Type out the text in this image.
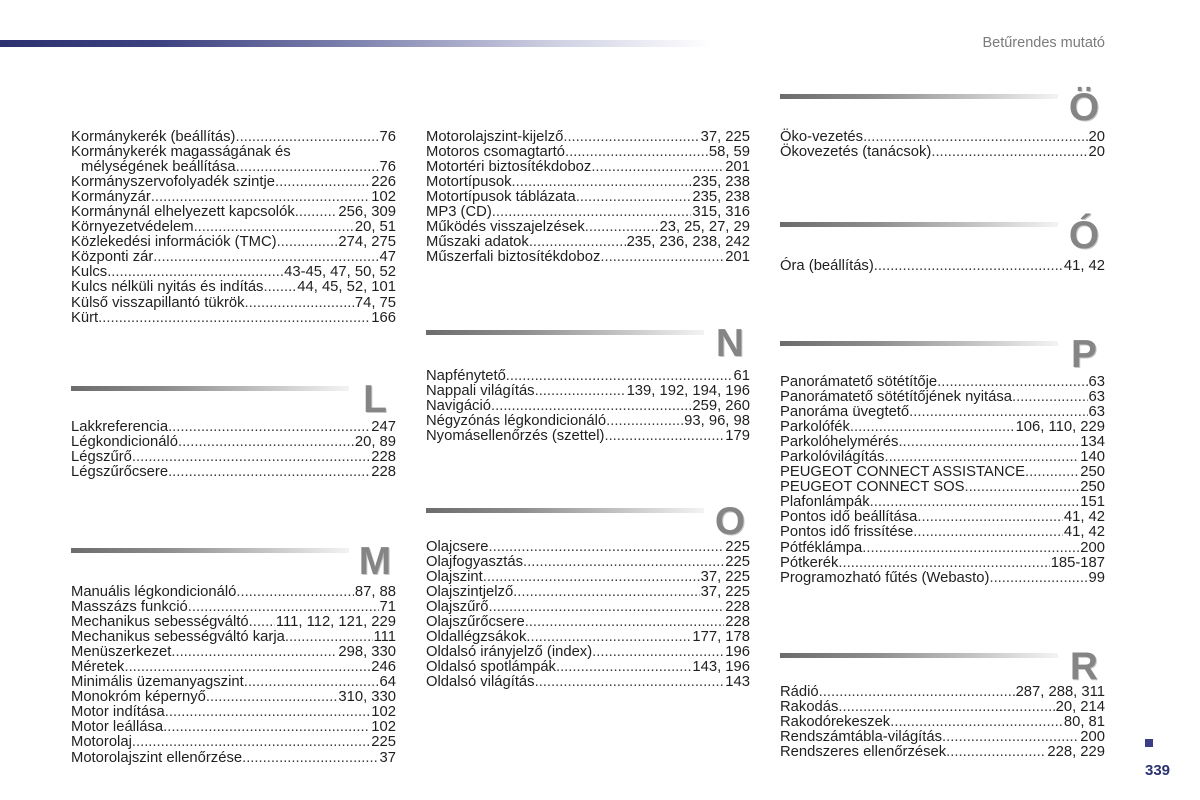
Betűrendes mutató
Kormánykerék (beállítás) .....	76
Kormánykerék magasságának és
mélységének beállítása .....	76
Kormányszervofolyadék szintje .....	226
Kormányzár .....	102
Kormánynál elhelyezett kapcsolók .....	256, 309
Környezetvédelem .....	20, 51
Közlekedési információk (TMC) .....	274, 275
Központi zár .....	47
Kulcs .....	43-45, 47, 50, 52
Kulcs nélküli nyitás és indítás ..... 44, 45, 52, 101
Külső visszapillantó tükrök .....	74, 75
Kürt .....	166
L
Lakkreferencia .....	247
Légkondicionáló .....	20, 89
Légszűrő .....	228
Légszűrőcsere .....	228
M
Manuális légkondicionáló .....	87, 88
Masszázs funkció .....	71
Mechanikus sebességváltó ..... 111, 112, 121, 229
Mechanikus sebességváltó karja .....	111
Menüszerkezet .....	298, 330
Méretek .....	246
Minimális üzemanyagszint .....	64
Monokróm képernyő .....	310, 330
Motor indítása .....	102
Motor leállása .....	102
Motorolaj .....	225
Motorolajszint ellenőrzése .....	37
Motorolajszint-kijelző .....	37, 225
Motoros csomagtartó .....	58, 59
Motortéri biztosítékdoboz .....	201
Motortípusok .....	235, 238
Motortípusok táblázata .....	235, 238
MP3 (CD) .....	315, 316
Működés visszajelzések .....	23, 25, 27, 29
Műszaki adatok .....	235, 236, 238, 242
Műszerfali biztosítékdoboz .....	201
N
Napfénytető .....	61
Nappali világítás .....	139, 192, 194, 196
Navigáció .....	259, 260
Négyzónás légkondicionáló .....	93, 96, 98
Nyomásellenőrzés (szettel) .....	179
O
Olajcsere .....	225
Olajfogyasztás .....	225
Olajszint .....	37, 225
Olajszintjelző .....	37, 225
Olajszűrő .....	228
Olajszűrőcsere .....	228
Oldallégzsákok .....	177, 178
Oldalsó irányjelző (index) .....	196
Oldalsó spotlámpák .....	143, 196
Oldalsó világítás .....	143
Ö
Öko-vezetés .....	20
Ökovezetés (tanácsok) .....	20
Ó
Óra (beállítás) .....	41, 42
P
Panorámatető sötétítője .....	63
Panorámatető sötétítőjének nyitása .....	63
Panoráma üvegtető .....	63
Parkolófék .....	106, 110, 229
Parkolóhelymérés .....	134
Parkolóvilágítás .....	140
PEUGEOT CONNECT ASSISTANCE .....	250
PEUGEOT CONNECT SOS .....	250
Plafonlámpák .....	151
Pontos idő beállítása .....	41, 42
Pontos idő frissítése .....	41, 42
Pótféklámpa .....	200
Pótkerék .....	185-187
Programozható fűtés (Webasto) .....	99
R
Rádió .....	287, 288, 311
Rakodás .....	20, 214
Rakodórekeszek .....	80, 81
Rendszámtábla-világítás .....	200
Rendszeres ellenőrzések .....	228, 229
339
